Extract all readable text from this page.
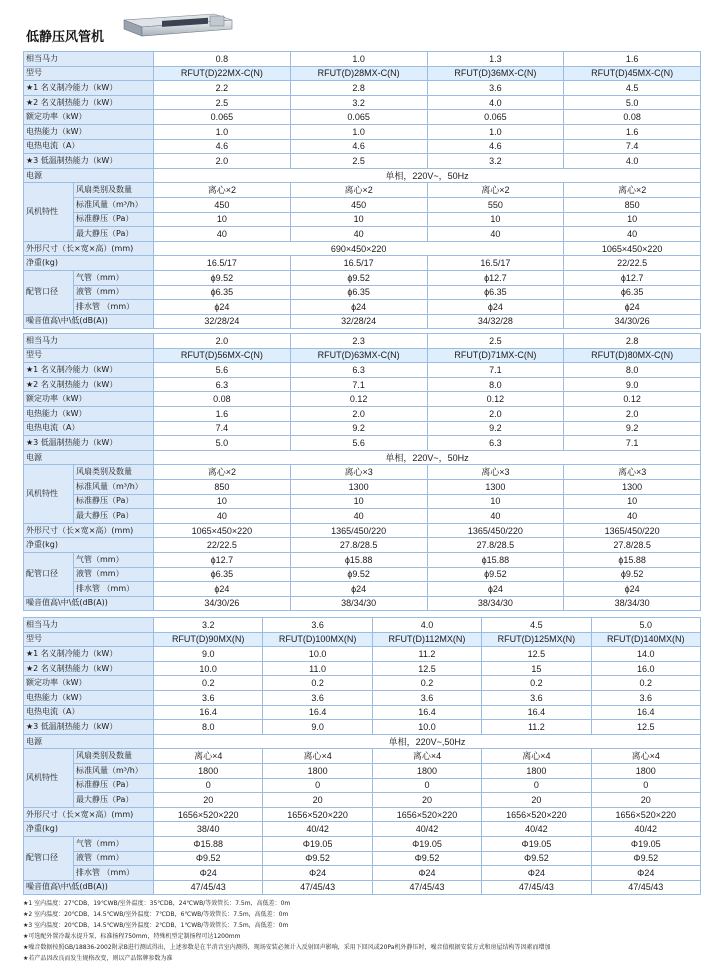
低静压风管机
相当马力		0.8	1.0	1.3	1.6
型号		RFUT(D)22MX-C(N)	RFUT(D)28MX-C(N)	RFUT(D)36MX-C(N)	RFUT(D)45MX-C(N)
★1 名义制冷能力（kW）		2.2	2.8	3.6	4.5
★2 名义制热能力（kW）		2.5	3.2	4.0	5.0
额定功率（kW）		0.065	0.065	0.065	0.08
电热能力（kW）		1.0	1.0	1.0	1.6
电热电流（A）		4.6	4.6	4.6	7.4
★3 低温制热能力（kW）		2.0	2.5	3.2	4.0
电源		单相，220V~，50Hz			
风机特性	风扇类别及数量	离心×2	离心×2	离心×2	离心×2
	标准风量（m³/h）	450	450	550	850
	标准静压（Pa）	10	10	10	10
	最大静压（Pa）	40	40	40	40
外形尺寸（长×宽×高）(mm)		690×450×220			1065×450×220
净重(kg)		16.5/17	16.5/17	16.5/17	22/22.5
配管口径	气管（mm）	ϕ9.52	ϕ9.52	ϕ12.7	ϕ12.7
	液管（mm）	ϕ6.35	ϕ6.35	ϕ6.35	ϕ6.35
	排水管 （mm）	ϕ24	ϕ24	ϕ24	ϕ24
噪音值高\中\低(dB(A))		32/28/24	32/28/24	34/32/28	34/30/26
相当马力		2.0	2.3	2.5	2.8
型号		RFUT(D)56MX-C(N)	RFUT(D)63MX-C(N)	RFUT(D)71MX-C(N)	RFUT(D)80MX-C(N)
★1 名义制冷能力（kW）		5.6	6.3	7.1	8.0
★2 名义制热能力（kW）		6.3	7.1	8.0	9.0
额定功率（kW）		0.08	0.12	0.12	0.12
电热能力（kW）		1.6	2.0	2.0	2.0
电热电流（A）		7.4	9.2	9.2	9.2
★3 低温制热能力（kW）		5.0	5.6	6.3	7.1
电源		单相，220V~，50Hz			
风机特性	风扇类别及数量	离心×2	离心×3	离心×3	离心×3
	标准风量（m³/h）	850	1300	1300	1300
	标准静压（Pa）	10	10	10	10
	最大静压（Pa）	40	40	40	40
外形尺寸（长×宽×高）(mm)		1065×450×220	1365/450/220	1365/450/220	1365/450/220
净重(kg)		22/22.5	27.8/28.5	27.8/28.5	27.8/28.5
配管口径	气管（mm）	ϕ12.7	ϕ15.88	ϕ15.88	ϕ15.88
	液管（mm）	ϕ6.35	ϕ9.52	ϕ9.52	ϕ9.52
	排水管 （mm）	ϕ24	ϕ24	ϕ24	ϕ24
噪音值高\中\低(dB(A))		34/30/26	38/34/30	38/34/30	38/34/30
相当马力		3.2	3.6	4.0	4.5	5.0
型号		RFUT(D)90MX(N)	RFUT(D)100MX(N)	RFUT(D)112MX(N)	RFUT(D)125MX(N)	RFUT(D)140MX(N)
★1 名义制冷能力（kW）		9.0	10.0	11.2	12.5	14.0
★2 名义制热能力（kW）		10.0	11.0	12.5	15	16.0
额定功率（kW）		0.2	0.2	0.2	0.2	0.2
电热能力（kW）		3.6	3.6	3.6	3.6	3.6
电热电流（A）		16.4	16.4	16.4	16.4	16.4
★3 低温制热能力（kW）		8.0	9.0	10.0	11.2	12.5
电源		单相，220V~,50Hz				
风机特性	风扇类别及数量	离心×4	离心×4	离心×4	离心×4	离心×4
	标准风量（m³/h）	1800	1800	1800	1800	1800
	标准静压（Pa）	0	0	0	0	0
	最大静压（Pa）	20	20	20	20	20
外形尺寸（长×宽×高）(mm)		1656×520×220	1656×520×220	1656×520×220	1656×520×220	1656×520×220
净重(kg)		38/40	40/42	40/42	40/42	40/42
配管口径	气管（mm）	Φ15.88	Φ19.05	Φ19.05	Φ19.05	Φ19.05
	液管（mm）	Φ9.52	Φ9.52	Φ9.52	Φ9.52	Φ9.52
	排水管 （mm）	Φ24	Φ24	Φ24	Φ24	Φ24
噪音值高\中\低(dB(A))		47/45/43	47/45/43	47/45/43	47/45/43	47/45/43
★1 室内温度：27℃DB，19℃WB/室外温度：35℃DB，24℃WB/等效管长：7.5m，高低差：0m
★2 室内温度：20℃DB，14.5℃WB/室外温度：7℃DB，6℃WB/等效管长：7.5m，高低差：0m
★3 室内温度：20℃DB，14.5℃WB/室外温度：2℃DB，1℃WB/等效管长：7.5m，高低差：0m
★可选配外置冷凝水提升泵，标准扬程750mm，特殊机型定制扬程可达1200mm
★噪音数据按照GB/18836-2002附录B进行测试得出，上述参数是在半消音室内测得，现场安装必须计入反射回声影响，采用下回风或20Pa机外静压时，噪音值根据安装方式和房屋结构等因素而增加
★若产品因改良而发生规格改变，则以产品铭牌参数为准
